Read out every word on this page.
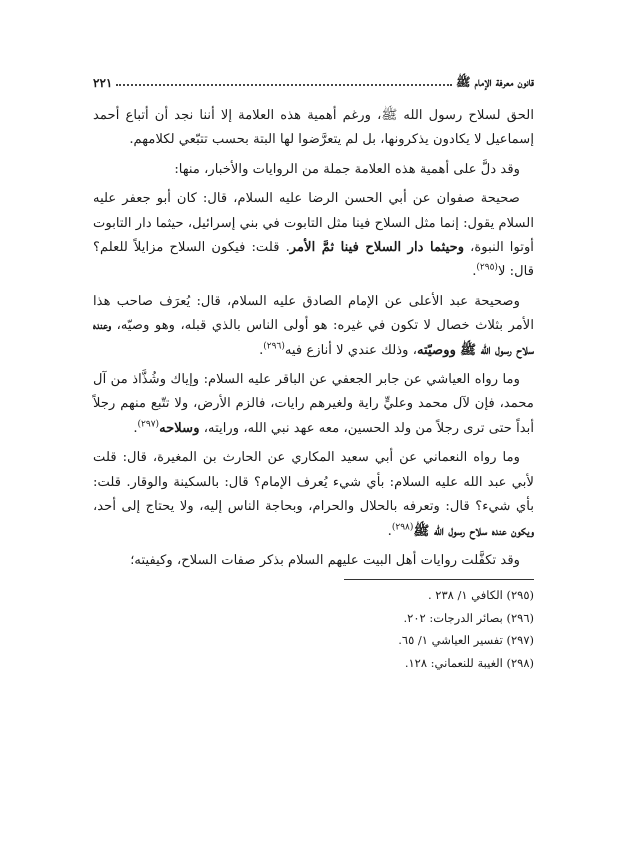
قانون معرفة الإمام ﷺ
٢٢١

الحق لسلاح رسول الله ﷺ، ورغم أهمية هذه العلامة إلا أننا نجد أن أتباع أحمد إسماعيل لا يكادون يذكرونها، بل لم يتعرَّضوا لها البتة بحسب تتبّعي لكلامهم.

وقد دلَّ على أهمية هذه العلامة جملة من الروايات والأخبار، منها:

صحيحة صفوان عن أبي الحسن الرضا عليه السلام، قال: كان أبو جعفر عليه السلام يقول: إنما مثل السلاح فينا مثل التابوت في بني إسرائيل، حيثما دار التابوت أوتوا النبوة، وحيثما دار السلاح فينا ثمَّ الأمر. قلت: فيكون السلاح مزايلاً للعلم؟ قال: لا$^{(٢٩٥)}$.

وصحيحة عبد الأعلى عن الإمام الصادق عليه السلام، قال: يُعرَف صاحب هذا الأمر بثلاث خصال لا تكون في غيره: هو أولى الناس بالذي قبله، وهو وصيّه، وعنده سلاح رسول الله ﷺ ووصيّته، وذلك عندي لا أنازع فيه$^{(٢٩٦)}$.

وما رواه العياشي عن جابر الجعفي عن الباقر عليه السلام: وإياك وشُذَّاذ من آل محمد، فإن لآل محمد وعليٍّ راية ولغيرهم رايات، فالزم الأرض، ولا تتّبع منهم رجلاً أبداً حتى ترى رجلاً من ولد الحسين، معه عهد نبي الله، ورايته، وسلاحه$^{(٢٩٧)}$.

وما رواه النعماني عن أبي سعيد المكاري عن الحارث بن المغيرة، قال: قلت لأبي عبد الله عليه السلام: بأي شيء يُعرف الإمام؟ قال: بالسكينة والوقار. قلت: بأي شيء؟ قال: وتعرفه بالحلال والحرام، وبحاجة الناس إليه، ولا يحتاج إلى أحد، ويكون عنده سلاح رسول الله ﷺ$^{(٢٩٨)}$.

وقد تكفَّلت روايات أهل البيت عليهم السلام بذكر صفات السلاح، وكيفيته؛

(٢٩٥) الكافي ١/ ٢٣٨ .
(٢٩٦) بصائر الدرجات: ٢٠٢.
(٢٩٧) تفسير العياشي ١/ ٦٥.
(٢٩٨) الغيبة للنعماني: ١٢٨.
